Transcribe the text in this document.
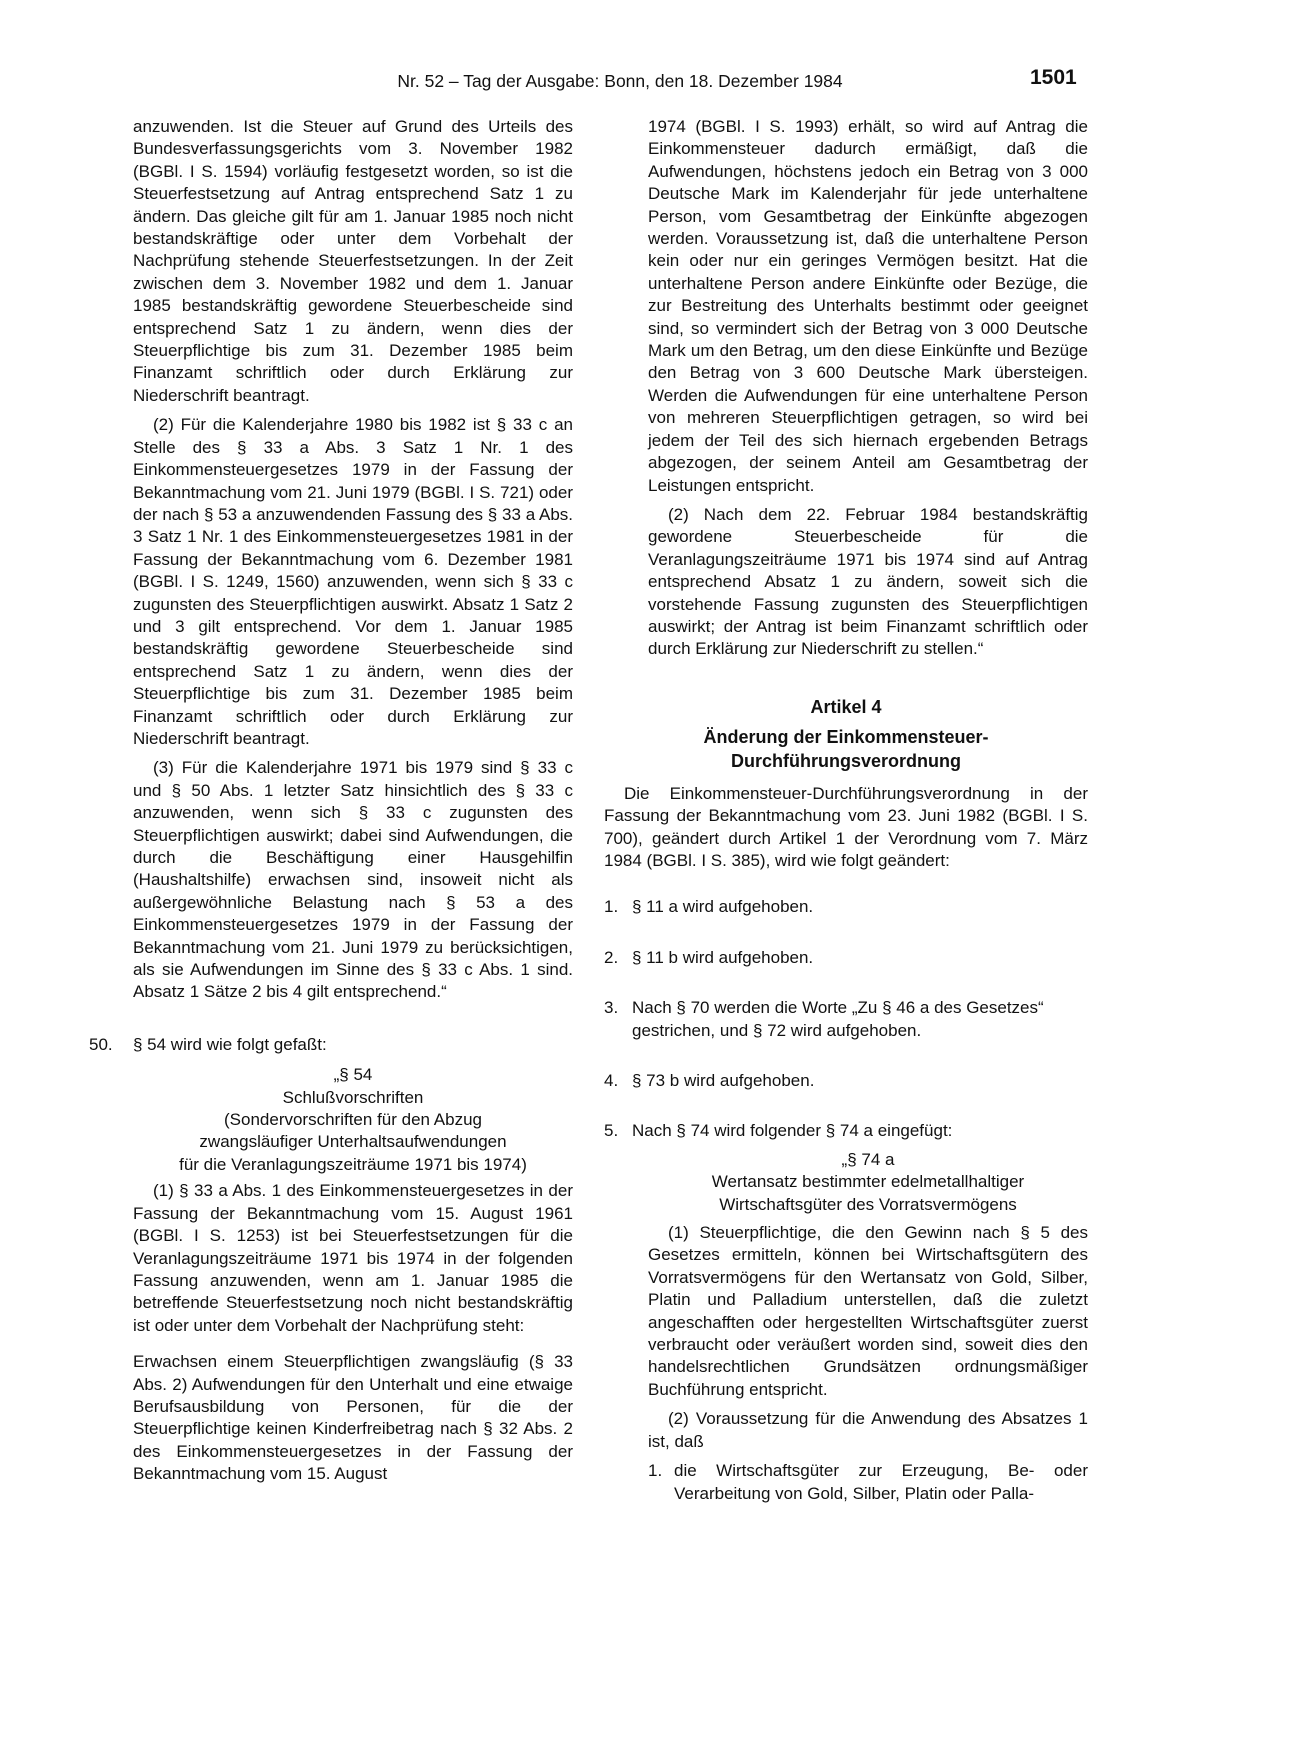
Nr. 52 – Tag der Ausgabe: Bonn, den 18. Dezember 1984	1501

anzuwenden. Ist die Steuer auf Grund des Urteils des Bundesverfassungsgerichts vom 3. November 1982 (BGBl. I S. 1594) vorläufig festgesetzt worden, so ist die Steuerfestsetzung auf Antrag entsprechend Satz 1 zu ändern. Das gleiche gilt für am 1. Januar 1985 noch nicht bestandskräftige oder unter dem Vorbehalt der Nachprüfung stehende Steuerfestsetzungen. In der Zeit zwischen dem 3. November 1982 und dem 1. Januar 1985 bestandskräftig gewordene Steuerbescheide sind entsprechend Satz 1 zu ändern, wenn dies der Steuerpflichtige bis zum 31. Dezember 1985 beim Finanzamt schriftlich oder durch Erklärung zur Niederschrift beantragt.

(2) Für die Kalenderjahre 1980 bis 1982 ist § 33 c an Stelle des § 33 a Abs. 3 Satz 1 Nr. 1 des Einkommensteuergesetzes 1979 in der Fassung der Bekanntmachung vom 21. Juni 1979 (BGBl. I S. 721) oder der nach § 53 a anzuwendenden Fassung des § 33 a Abs. 3 Satz 1 Nr. 1 des Einkommensteuergesetzes 1981 in der Fassung der Bekanntmachung vom 6. Dezember 1981 (BGBl. I S. 1249, 1560) anzuwenden, wenn sich § 33 c zugunsten des Steuerpflichtigen auswirkt. Absatz 1 Satz 2 und 3 gilt entsprechend. Vor dem 1. Januar 1985 bestandskräftig gewordene Steuerbescheide sind entsprechend Satz 1 zu ändern, wenn dies der Steuerpflichtige bis zum 31. Dezember 1985 beim Finanzamt schriftlich oder durch Erklärung zur Niederschrift beantragt.

(3) Für die Kalenderjahre 1971 bis 1979 sind § 33 c und § 50 Abs. 1 letzter Satz hinsichtlich des § 33 c anzuwenden, wenn sich § 33 c zugunsten des Steuerpflichtigen auswirkt; dabei sind Aufwendungen, die durch die Beschäftigung einer Hausgehilfin (Haushaltshilfe) erwachsen sind, insoweit nicht als außergewöhnliche Belastung nach § 53 a des Einkommensteuergesetzes 1979 in der Fassung der Bekanntmachung vom 21. Juni 1979 zu berücksichtigen, als sie Aufwendungen im Sinne des § 33 c Abs. 1 sind. Absatz 1 Sätze 2 bis 4 gilt entsprechend.“

50. § 54 wird wie folgt gefaßt:

„§ 54

Schlußvorschriften

(Sondervorschriften für den Abzug

zwangsläufiger Unterhaltsaufwendungen

für die Veranlagungszeiträume 1971 bis 1974)

(1) § 33 a Abs. 1 des Einkommensteuergesetzes in der Fassung der Bekanntmachung vom 15. August 1961 (BGBl. I S. 1253) ist bei Steuerfestsetzungen für die Veranlagungszeiträume 1971 bis 1974 in der folgenden Fassung anzuwenden, wenn am 1. Januar 1985 die betreffende Steuerfestsetzung noch nicht bestandskräftig ist oder unter dem Vorbehalt der Nachprüfung steht:

Erwachsen einem Steuerpflichtigen zwangsläufig (§ 33 Abs. 2) Aufwendungen für den Unterhalt und eine etwaige Berufsausbildung von Personen, für die der Steuerpflichtige keinen Kinderfreibetrag nach § 32 Abs. 2 des Einkommensteuergesetzes in der Fassung der Bekanntmachung vom 15. August

1974 (BGBl. I S. 1993) erhält, so wird auf Antrag die Einkommensteuer dadurch ermäßigt, daß die Aufwendungen, höchstens jedoch ein Betrag von 3 000 Deutsche Mark im Kalenderjahr für jede unterhaltene Person, vom Gesamtbetrag der Einkünfte abgezogen werden. Voraussetzung ist, daß die unterhaltene Person kein oder nur ein geringes Vermögen besitzt. Hat die unterhaltene Person andere Einkünfte oder Bezüge, die zur Bestreitung des Unterhalts bestimmt oder geeignet sind, so vermindert sich der Betrag von 3 000 Deutsche Mark um den Betrag, um den diese Einkünfte und Bezüge den Betrag von 3 600 Deutsche Mark übersteigen. Werden die Aufwendungen für eine unterhaltene Person von mehreren Steuerpflichtigen getragen, so wird bei jedem der Teil des sich hiernach ergebenden Betrags abgezogen, der seinem Anteil am Gesamtbetrag der Leistungen entspricht.

(2) Nach dem 22. Februar 1984 bestandskräftig gewordene Steuerbescheide für die Veranlagungszeiträume 1971 bis 1974 sind auf Antrag entsprechend Absatz 1 zu ändern, soweit sich die vorstehende Fassung zugunsten des Steuerpflichtigen auswirkt; der Antrag ist beim Finanzamt schriftlich oder durch Erklärung zur Niederschrift zu stellen.“

Artikel 4

Änderung der Einkommensteuer-

Durchführungsverordnung

Die Einkommensteuer-Durchführungsverordnung in der Fassung der Bekanntmachung vom 23. Juni 1982 (BGBl. I S. 700), geändert durch Artikel 1 der Verordnung vom 7. März 1984 (BGBl. I S. 385), wird wie folgt geändert:

1. § 11 a wird aufgehoben.
2. § 11 b wird aufgehoben.
3. Nach § 70 werden die Worte „Zu § 46 a des Gesetzes“ gestrichen, und § 72 wird aufgehoben.
4. § 73 b wird aufgehoben.
5. Nach § 74 wird folgender § 74 a eingefügt:

„§ 74 a

Wertansatz bestimmter edelmetallhaltiger

Wirtschaftsgüter des Vorratsvermögens

(1) Steuerpflichtige, die den Gewinn nach § 5 des Gesetzes ermitteln, können bei Wirtschaftsgütern des Vorratsvermögens für den Wertansatz von Gold, Silber, Platin und Palladium unterstellen, daß die zuletzt angeschafften oder hergestellten Wirtschaftsgüter zuerst verbraucht oder veräußert worden sind, soweit dies den handelsrechtlichen Grundsätzen ordnungsmäßiger Buchführung entspricht.

(2) Voraussetzung für die Anwendung des Absatzes 1 ist, daß

1. die Wirtschaftsgüter zur Erzeugung, Be- oder Verarbeitung von Gold, Silber, Platin oder Palla-
